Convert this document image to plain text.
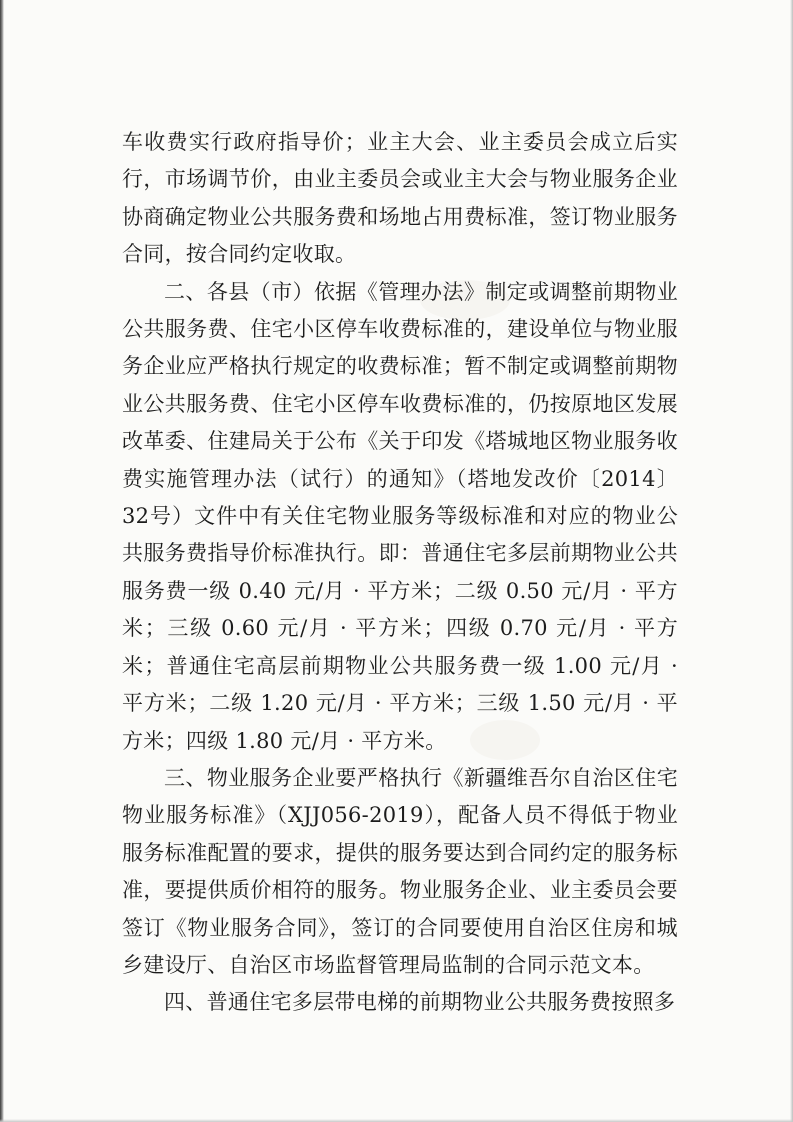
车收费实行政府指导价；业主大会、业主委员会成立后实行，市场调节价，由业主委员会或业主大会与物业服务企业协商确定物业公共服务费和场地占用费标准，签订物业服务合同，按合同约定收取。

二、各县（市）依据《管理办法》制定或调整前期物业公共服务费、住宅小区停车收费标准的，建设单位与物业服务企业应严格执行规定的收费标准；暂不制定或调整前期物业公共服务费、住宅小区停车收费标准的，仍按原地区发展改革委、住建局关于公布《关于印发《塔城地区物业服务收费实施管理办法（试行）的通知》（塔地发改价〔2014〕32号）文件中有关住宅物业服务等级标准和对应的物业公共服务费指导价标准执行。即：普通住宅多层前期物业公共服务费一级 0.40 元/月 · 平方米；二级 0.50 元/月 · 平方米；三级 0.60 元/月 · 平方米；四级 0.70 元/月 · 平方米；普通住宅高层前期物业公共服务费一级 1.00 元/月 · 平方米；二级 1.20 元/月 · 平方米；三级 1.50 元/月 · 平方米；四级 1.80 元/月 · 平方米。

三、物业服务企业要严格执行《新疆维吾尔自治区住宅物业服务标准》（XJJ056-2019），配备人员不得低于物业服务标准配置的要求，提供的服务要达到合同约定的服务标准，要提供质价相符的服务。物业服务企业、业主委员会要签订《物业服务合同》，签订的合同要使用自治区住房和城乡建设厅、自治区市场监督管理局监制的合同示范文本。

四、普通住宅多层带电梯的前期物业公共服务费按照多
